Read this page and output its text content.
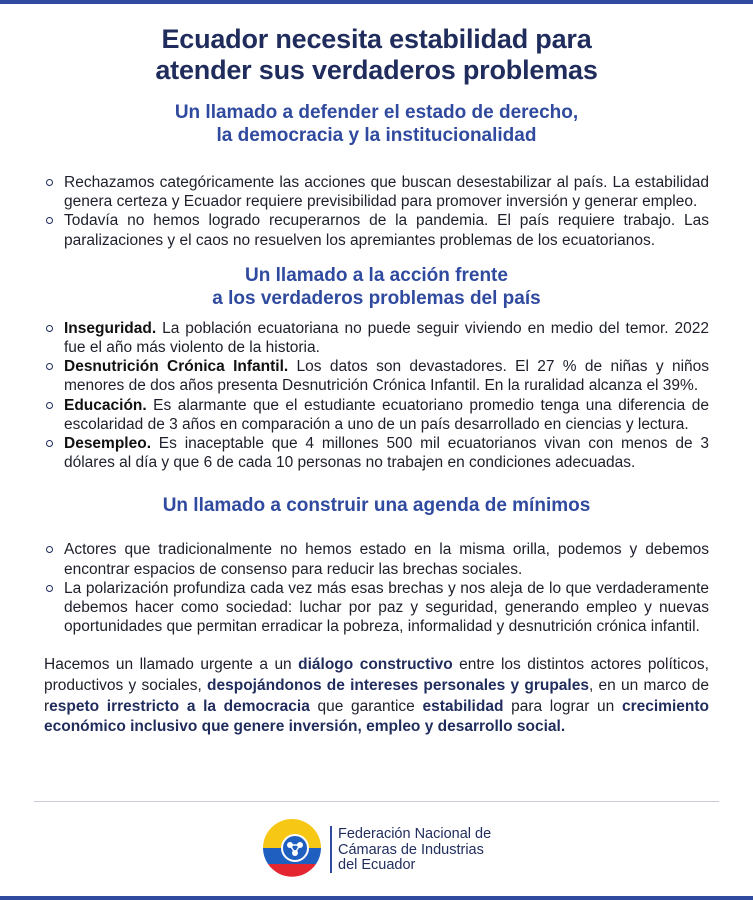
Ecuador necesita estabilidad para
atender sus verdaderos problemas
Un llamado a defender el estado de derecho,
la democracia y la institucionalidad
Rechazamos categóricamente las acciones que buscan desestabilizar al país. La estabilidad genera certeza y Ecuador requiere previsibilidad para promover inversión y generar empleo.
Todavía no hemos logrado recuperarnos de la pandemia. El país requiere trabajo. Las paralizaciones y el caos no resuelven los apremiantes problemas de los ecuatorianos.
Un llamado a la acción frente
a los verdaderos problemas del país
Inseguridad. La población ecuatoriana no puede seguir viviendo en medio del temor. 2022 fue el año más violento de la historia.
Desnutrición Crónica Infantil. Los datos son devastadores. El 27 % de niñas y niños menores de dos años presenta Desnutrición Crónica Infantil. En la ruralidad alcanza el 39%.
Educación. Es alarmante que el estudiante ecuatoriano promedio tenga una diferencia de escolaridad de 3 años en comparación a uno de un país desarrollado en ciencias y lectura.
Desempleo. Es inaceptable que 4 millones 500 mil ecuatorianos vivan con menos de 3 dólares al día y que 6 de cada 10 personas no trabajen en condiciones adecuadas.
Un llamado a construir una agenda de mínimos
Actores que tradicionalmente no hemos estado en la misma orilla, podemos y debemos encontrar espacios de consenso para reducir las brechas sociales.
La polarización profundiza cada vez más esas brechas y nos aleja de lo que verdaderamente debemos hacer como sociedad: luchar por paz y seguridad, generando empleo y nuevas oportunidades que permitan erradicar la pobreza, informalidad y desnutrición crónica infantil.

Hacemos un llamado urgente a un diálogo constructivo entre los distintos actores políticos, productivos y sociales, despojándonos de intereses personales y grupales, en un marco de respeto irrestricto a la democracia que garantice estabilidad para lograr un crecimiento económico inclusivo que genere inversión, empleo y desarrollo social.

Federación Nacional de
Cámaras de Industrias
del Ecuador
